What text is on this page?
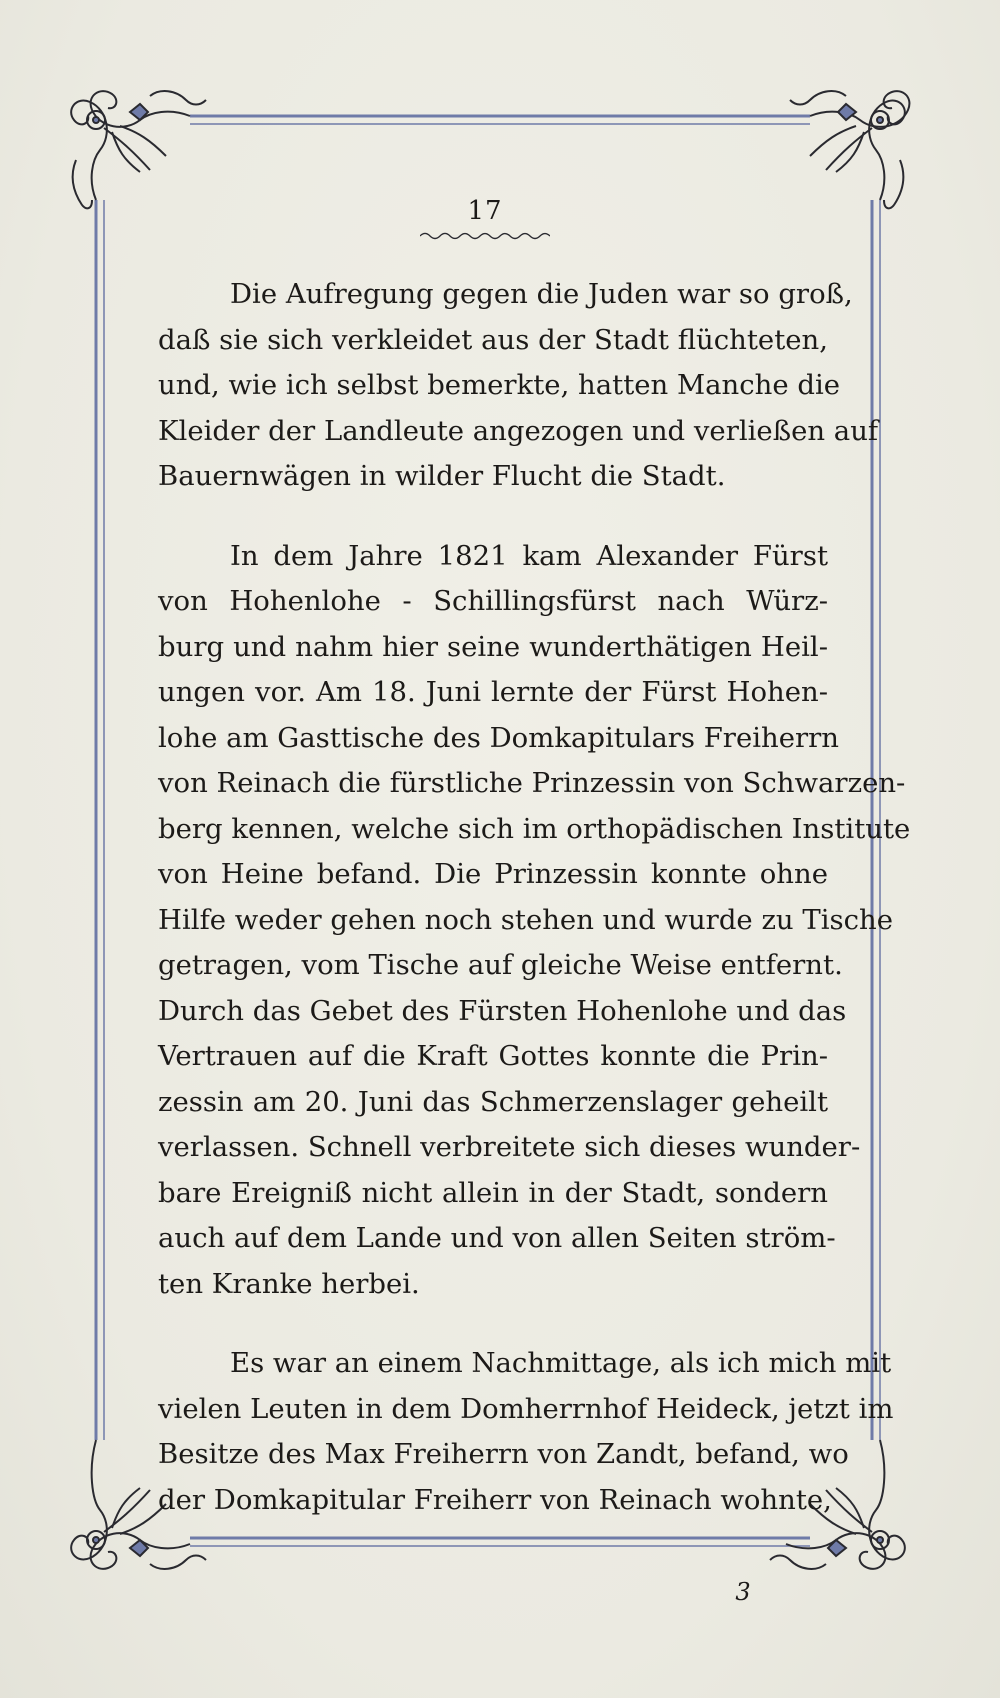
17
Die Aufregung gegen die Juden war so groß,
daß sie sich verkleidet aus der Stadt flüchteten,
und, wie ich selbst bemerkte, hatten Manche die
Kleider der Landleute angezogen und verließen auf
Bauernwägen in wilder Flucht die Stadt.
In dem Jahre 1821 kam Alexander Fürst
von Hohenlohe - Schillingsfürst nach Würz-
burg und nahm hier seine wunderthätigen Heil-
ungen vor. Am 18. Juni lernte der Fürst Hohen-
lohe am Gasttische des Domkapitulars Freiherrn
von Reinach die fürstliche Prinzessin von Schwarzen-
berg kennen, welche sich im orthopädischen Institute
von Heine befand. Die Prinzessin konnte ohne
Hilfe weder gehen noch stehen und wurde zu Tische
getragen, vom Tische auf gleiche Weise entfernt.
Durch das Gebet des Fürsten Hohenlohe und das
Vertrauen auf die Kraft Gottes konnte die Prin-
zessin am 20. Juni das Schmerzenslager geheilt
verlassen. Schnell verbreitete sich dieses wunder-
bare Ereigniß nicht allein in der Stadt, sondern
auch auf dem Lande und von allen Seiten ström-
ten Kranke herbei.
Es war an einem Nachmittage, als ich mich mit
vielen Leuten in dem Domherrnhof Heideck, jetzt im
Besitze des Max Freiherrn von Zandt, befand, wo
der Domkapitular Freiherr von Reinach wohnte,
3
